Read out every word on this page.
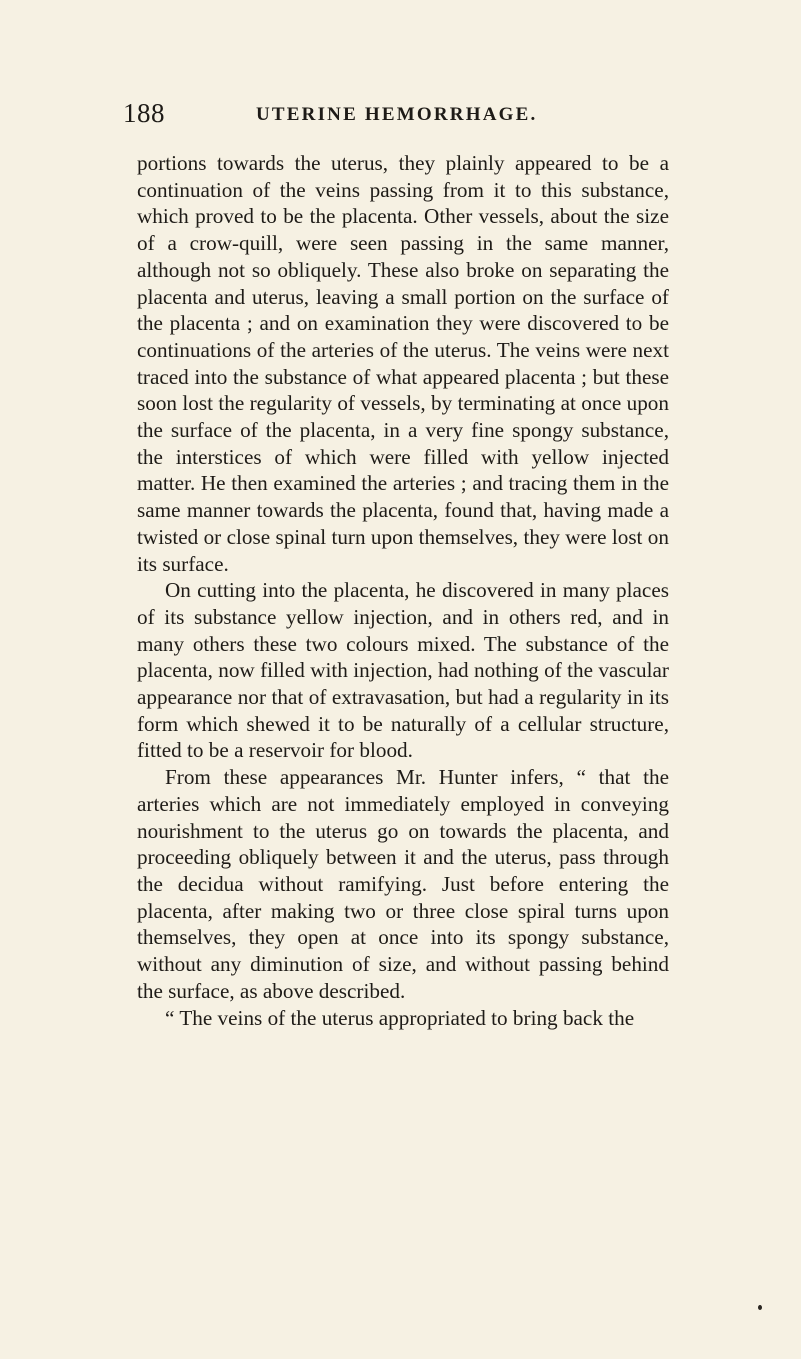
188	UTERINE HEMORRHAGE.

portions towards the uterus, they plainly appeared to be a continuation of the veins passing from it to this substance, which proved to be the placenta. Other vessels, about the size of a crow-quill, were seen passing in the same manner, although not so obliquely. These also broke on separating the placenta and uterus, leaving a small portion on the surface of the placenta ; and on examination they were discovered to be continuations of the arteries of the uterus. The veins were next traced into the substance of what appeared placenta ; but these soon lost the regularity of vessels, by terminating at once upon the surface of the placenta, in a very fine spongy substance, the interstices of which were filled with yellow injected matter. He then examined the arteries ; and tracing them in the same manner towards the placenta, found that, having made a twisted or close spinal turn upon themselves, they were lost on its surface.

On cutting into the placenta, he discovered in many places of its substance yellow injection, and in others red, and in many others these two colours mixed. The substance of the placenta, now filled with injection, had nothing of the vascular appearance nor that of extravasation, but had a regularity in its form which shewed it to be naturally of a cellular structure, fitted to be a reservoir for blood.

From these appearances Mr. Hunter infers, “ that the arteries which are not immediately employed in conveying nourishment to the uterus go on towards the placenta, and proceeding obliquely between it and the uterus, pass through the decidua without ramifying. Just before entering the placenta, after making two or three close spiral turns upon themselves, they open at once into its spongy substance, without any diminution of size, and without passing behind the surface, as above described.

“ The veins of the uterus appropriated to bring back the
